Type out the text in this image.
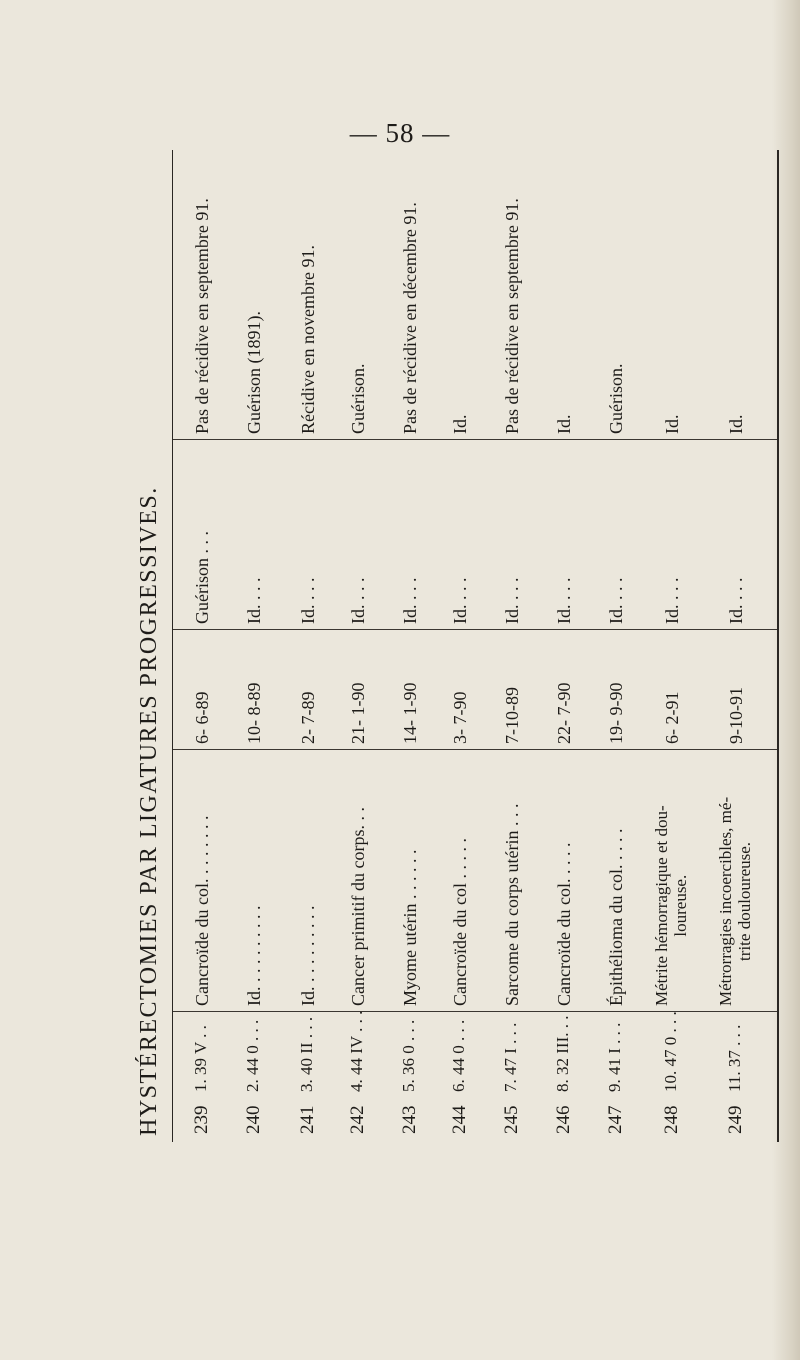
— 58 —
HYSTÉRECTOMIES PAR LIGATURES PROGRESSIVES.	239
1. 39 V . .
240
2. 44 0 . . .
241
3. 40 II . . .
242
4. 44 IV . . .
243
5. 36 0 . . .
244
6. 44 0 . . .
245
7. 47 I . . .
246
8. 32 III. . .
247
9. 41 I . . .
248
10. 47 0 . . .
249
11. 37 . . .
Cancroïde du col. . . . . . . . Id. . . . . . . . . . Id. . . . . . . . . . Cancer primitif du corps. . . Myome utérin . . . . . . Cancroïde du col . . . . . Sarcome du corps utérin . . . Cancroïde du col. . . . . Épithélioma du col. . . . . Métrite hémorragique et dou- loureuse. Métrorragies incoercibles, mé- trite douloureuse.
6- 6-89 10- 8-89 2- 7-89 21- 1-90 14- 1-90 3- 7-90 7-10-89 22- 7-90 19- 9-90 6- 2-91 9-10-91
Guérison . . . Id. . . . Id. . . . Id. . . . Id. . . . Id. . . . Id. . . . Id. . . . Id. . . . Id. . . . Id. . . .
Pas de récidive en septembre 91. Guérison (1891). Récidive en novembre 91. Guérison. Pas de récidive en décembre 91. Id. Pas de récidive en septembre 91. Id. Guérison. Id. Id.
